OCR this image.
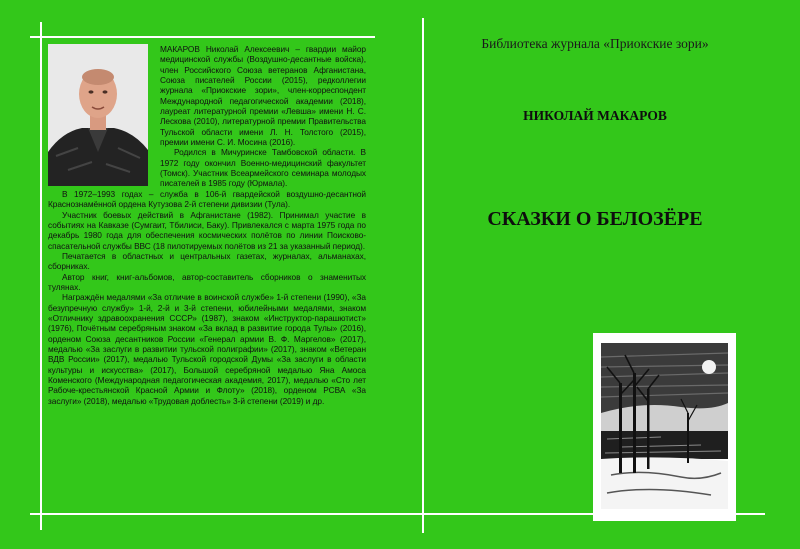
МАКАРОВ Николай Алексеевич – гвардии майор медицинской службы (Воздушно-десантные войска), член Российского Союза ветеранов Афганистана, Союза писателей России (2015), редколлегии журнала «Приокские зори», член-корреспондент Международной педагогической академии (2018), лауреат литературной премии «Левша» имени Н. С. Лескова (2010), литературной премии Правительства Тульской области имени Л. Н. Толстого (2015), премии имени С. И. Мосина (2016).

Родился в Мичуринске Тамбовской области. В 1972 году окончил Военно-медицинский факультет (Томск). Участник Всеармейского семинара молодых писателей в 1985 году (Юрмала).

В 1972–1993 годах – служба в 106-й гвардейской воздушно-десантной Краснознамённой ордена Кутузова 2-й степени дивизии (Тула).

Участник боевых действий в Афганистане (1982). Принимал участие в событиях на Кавказе (Сумгаит, Тбилиси, Баку). Привлекался с марта 1975 года по декабрь 1980 года для обеспечения космических полётов по линии Поисково-спасательной службы ВВС (18 пилотируемых полётов из 21 за указанный период).

Печатается в областных и центральных газетах, журналах, альманахах, сборниках.

Автор книг, книг-альбомов, автор-составитель сборников о знаменитых тулянах.

Награждён медалями «За отличие в воинской службе» 1-й степени (1990), «За безупречную службу» 1-й, 2-й и 3-й степени, юбилейными медалями, знаком «Отличнику здравоохранения СССР» (1987), знаком «Инструктор-парашютист» (1976), Почётным серебряным знаком «За вклад в развитие города Тулы» (2016), орденом Союза десантников России «Генерал армии В. Ф. Маргелов» (2017), медалью «За заслуги в развитии тульской полиграфии» (2017), знаком «Ветеран ВДВ России» (2017), медалью Тульской городской Думы «За заслуги в области культуры и искусства» (2017), Большой серебряной медалью Яна Амоса Коменского (Международная педагогическая академия, 2017), медалью «Сто лет Рабоче-крестьянской Красной Армии и Флоту» (2018), орденом РСВА «За заслуги» (2018), медалью «Трудовая доблесть» 3-й степени (2019) и др.

Библиотека журнала «Приокские зори»
НИКОЛАЙ МАКАРОВ
СКАЗКИ О БЕЛОЗЁРЕ
